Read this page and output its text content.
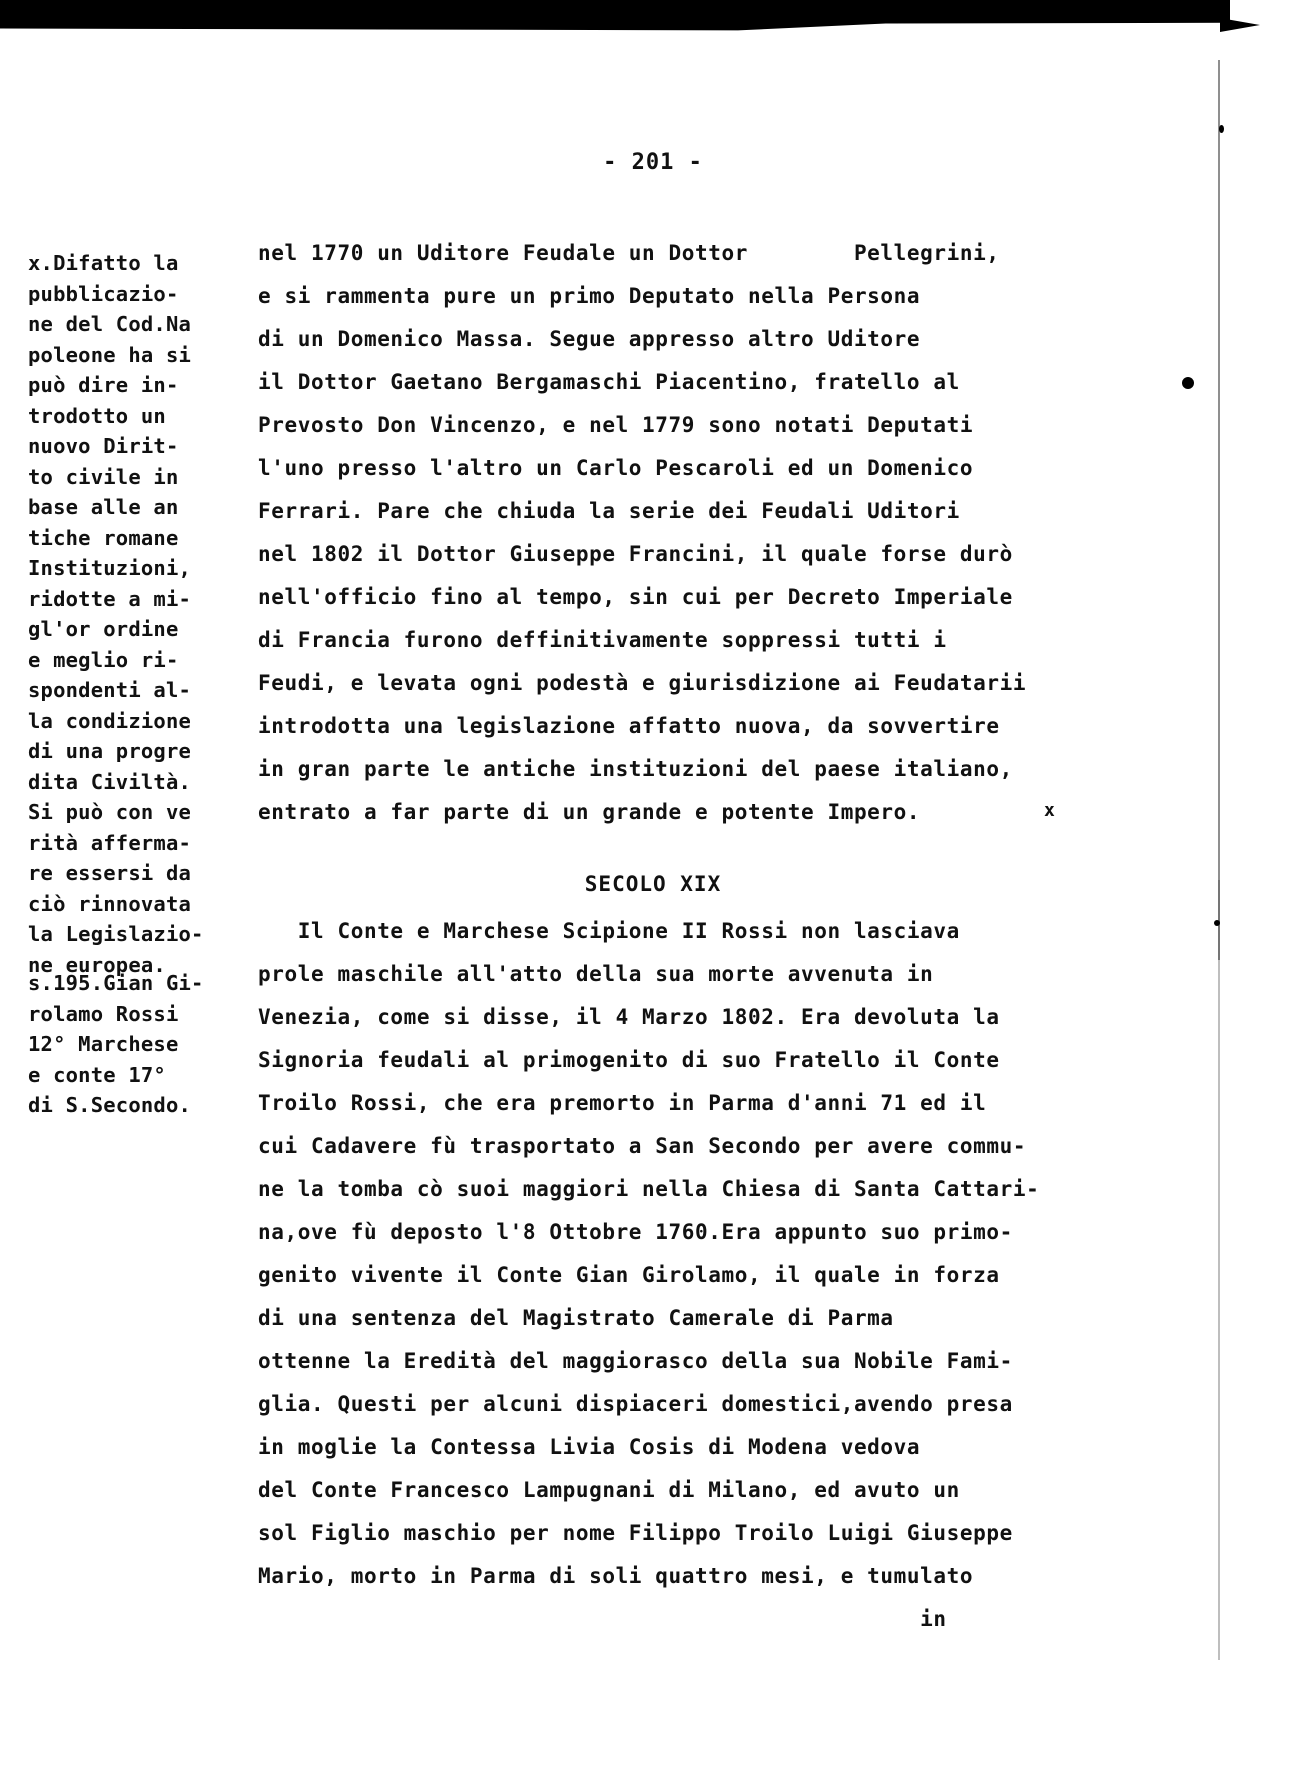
- 201 -
x.Difatto la
pubblicazio-
ne del Cod.Na
poleone ha si
può dire in-
trodotto un
nuovo Dirit-
to civile in
base alle an
tiche romane
Instituzioni,
ridotte a mi-
gl'or ordine
e meglio ri-
spondenti al-
la condizione
di una progre
dita Civiltà.
Si può con ve
rità afferma-
re essersi da
ciò rinnovata
la Legislazio-
ne europea.
s.195.Gian Gi-
rolamo Rossi
12° Marchese
e conte 17°
di S.Secondo.
nel 1770 un Uditore Feudale un Dottor        Pellegrini,
e si rammenta pure un primo Deputato nella Persona
di un Domenico Massa. Segue appresso altro Uditore
il Dottor Gaetano Bergamaschi Piacentino, fratello al
Prevosto Don Vincenzo, e nel 1779 sono notati Deputati
l'uno presso l'altro un Carlo Pescaroli ed un Domenico
Ferrari. Pare che chiuda la serie dei Feudali Uditori
nel 1802 il Dottor Giuseppe Francini, il quale forse durò
nell'officio fino al tempo, sin cui per Decreto Imperiale
di Francia furono deffinitivamente soppressi tutti i
Feudi, e levata ogni podestà e giurisdizione ai Feudatarii
introdotta una legislazione affatto nuova, da sovvertire
in gran parte le antiche instituzioni del paese italiano,
entrato a far parte di un grande e potente Impero.	x
SECOLO XIX
Il Conte e Marchese Scipione II Rossi non lasciava
prole maschile all'atto della sua morte avvenuta in
Venezia, come si disse, il 4 Marzo 1802. Era devoluta la
Signoria feudali al primogenito di suo Fratello il Conte
Troilo Rossi, che era premorto in Parma d'anni 71 ed il
cui Cadavere fù trasportato a San Secondo per avere commu-
ne la tomba cò suoi maggiori nella Chiesa di Santa Cattari-
na,ove fù deposto l'8 Ottobre 1760.Era appunto suo primo-
genito vivente il Conte Gian Girolamo, il quale in forza
di una sentenza del Magistrato Camerale di Parma
ottenne la Eredità del maggiorasco della sua Nobile Fami-
glia. Questi per alcuni dispiaceri domestici,avendo presa
in moglie la Contessa Livia Cosis di Modena vedova
del Conte Francesco Lampugnani di Milano, ed avuto un
sol Figlio maschio per nome Filippo Troilo Luigi Giuseppe
Mario, morto in Parma di soli quattro mesi, e tumulato
in
